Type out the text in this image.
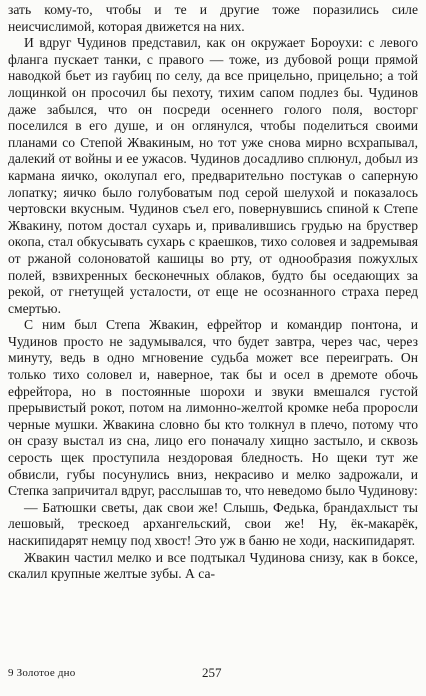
зать кому-то, чтобы и те и другие тоже поразились силе неисчислимой, которая движется на них.

И вдруг Чудинов представил, как он окружает Бороухи: с левого фланга пускает танки, с правого — тоже, из дубовой рощи прямой наводкой бьет из гаубиц по селу, да все прицельно, прицельно; а той лощинкой он просочил бы пехоту, тихим сапом подлез бы. Чудинов даже забылся, что он посреди осеннего голого поля, восторг поселился в его душе, и он оглянулся, чтобы поделиться своими планами со Степой Жвакиным, но тот уже снова мирно всхрапывал, далекий от войны и ее ужасов. Чудинов досадливо сплюнул, добыл из кармана яичко, околупал его, предварительно постукав о саперную лопатку; яичко было голубоватым под серой шелухой и показалось чертовски вкусным. Чудинов съел его, повернувшись спиной к Степе Жвакину, потом достал сухарь и, привалившись грудью на бруствер окопа, стал обкусывать сухарь с краешков, тихо соловея и задремывая от ржаной солоноватой кашицы во рту, от однообразия пожухлых полей, взвихренных бесконечных облаков, будто бы оседающих за рекой, от гнетущей усталости, от еще не осознанного страха перед смертью.

С ним был Степа Жвакин, ефрейтор и командир понтона, и Чудинов просто не задумывался, что будет завтра, через час, через минуту, ведь в одно мгновение судьба может все переиграть. Он только тихо соловел и, наверное, так бы и осел в дремоте обочь ефрейтора, но в постоянные шорохи и звуки вмешался густой прерывистый рокот, потом на лимонно-желтой кромке неба проросли черные мушки. Жвакина словно бы кто толкнул в плечо, потому что он сразу выстал из сна, лицо его поначалу хищно застыло, и сквозь серость щек проступила нездоровая бледность. Но щеки тут же обвисли, губы посунулись вниз, некрасиво и мелко задрожали, и Степка запричитал вдруг, расслышав то, что неведомо было Чудинову:

— Батюшки светы, дак свои же! Слышь, Федька, брандахлыст ты лешовый, трескоед архангельский, свои же! Ну, ёк-макарёк, наскипидарят немцу под хвост! Это уж в баню не ходи, наскипидарят.

Жвакин частил мелко и все подтыкал Чудинова снизу, как в боксе, скалил крупные желтые зубы. А са-

9 Золотое дно	257
